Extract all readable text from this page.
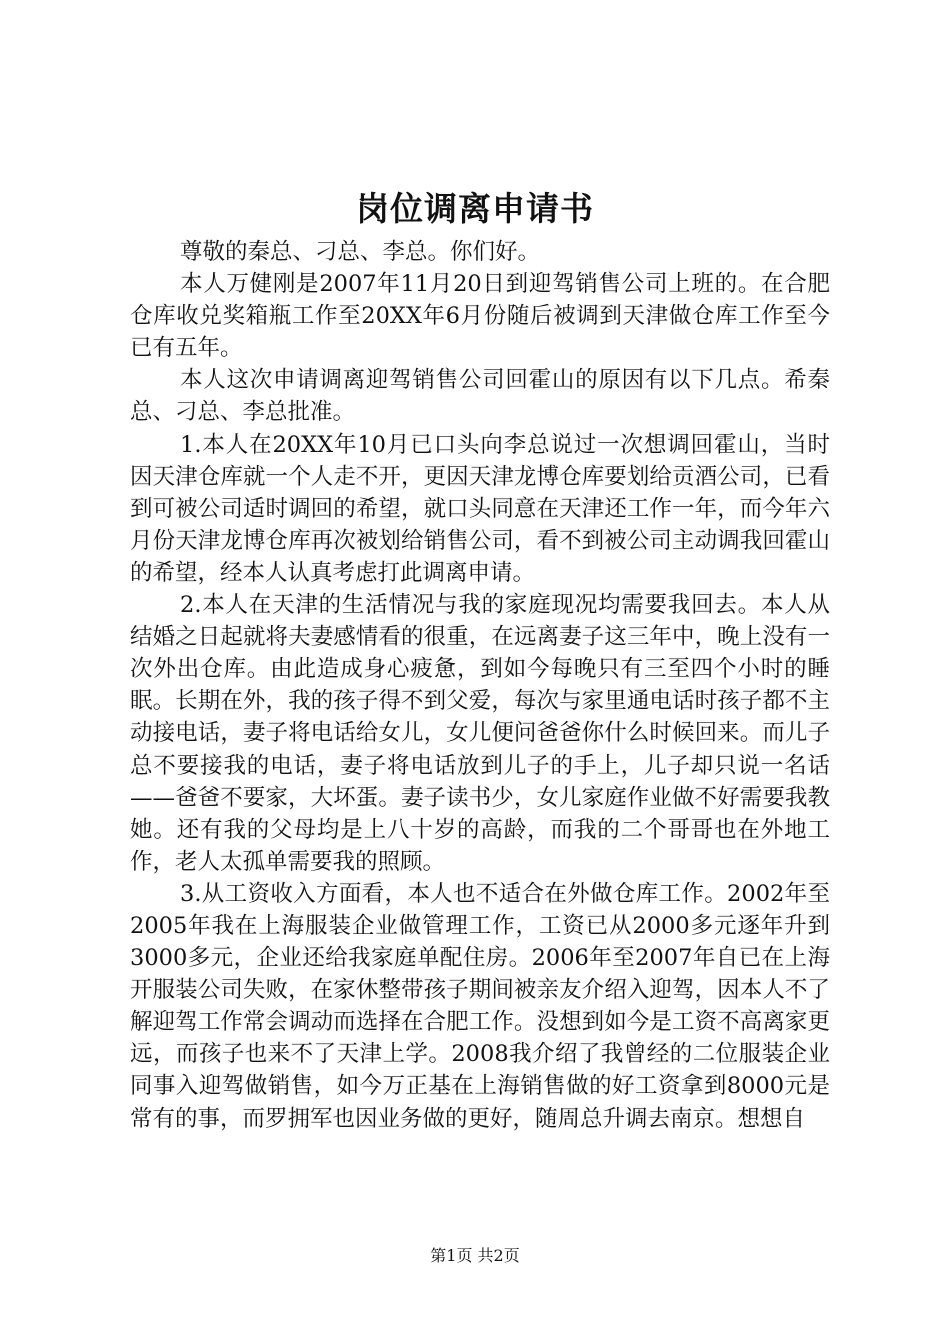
岗位调离申请书

尊敬的秦总、刁总、李总。你们好。

本人万健刚是2007年11月20日到迎驾销售公司上班的。在合肥仓库收兑奖箱瓶工作至20XX年6月份随后被调到天津做仓库工作至今已有五年。

本人这次申请调离迎驾销售公司回霍山的原因有以下几点。希秦总、刁总、李总批准。

1.本人在20XX年10月已口头向李总说过一次想调回霍山，当时因天津仓库就一个人走不开，更因天津龙博仓库要划给贡酒公司，已看到可被公司适时调回的希望，就口头同意在天津还工作一年，而今年六月份天津龙博仓库再次被划给销售公司，看不到被公司主动调我回霍山的希望，经本人认真考虑打此调离申请。

2.本人在天津的生活情况与我的家庭现况均需要我回去。本人从结婚之日起就将夫妻感情看的很重，在远离妻子这三年中，晚上没有一次外出仓库。由此造成身心疲惫，到如今每晚只有三至四个小时的睡眠。长期在外，我的孩子得不到父爱，每次与家里通电话时孩子都不主动接电话，妻子将电话给女儿，女儿便问爸爸你什么时候回来。而儿子总不要接我的电话，妻子将电话放到儿子的手上，儿子却只说一名话——爸爸不要家，大坏蛋。妻子读书少，女儿家庭作业做不好需要我教她。还有我的父母均是上八十岁的高龄，而我的二个哥哥也在外地工作，老人太孤单需要我的照顾。

3.从工资收入方面看，本人也不适合在外做仓库工作。2002年至2005年我在上海服装企业做管理工作，工资已从2000多元逐年升到3000多元，企业还给我家庭单配住房。2006年至2007年自已在上海开服装公司失败，在家休整带孩子期间被亲友介绍入迎驾，因本人不了解迎驾工作常会调动而选择在合肥工作。没想到如今是工资不高离家更远，而孩子也来不了天津上学。2008我介绍了我曾经的二位服装企业同事入迎驾做销售，如今万正基在上海销售做的好工资拿到8000元是常有的事，而罗拥军也因业务做的更好，随周总升调去南京。想想自

第1页 共2页
